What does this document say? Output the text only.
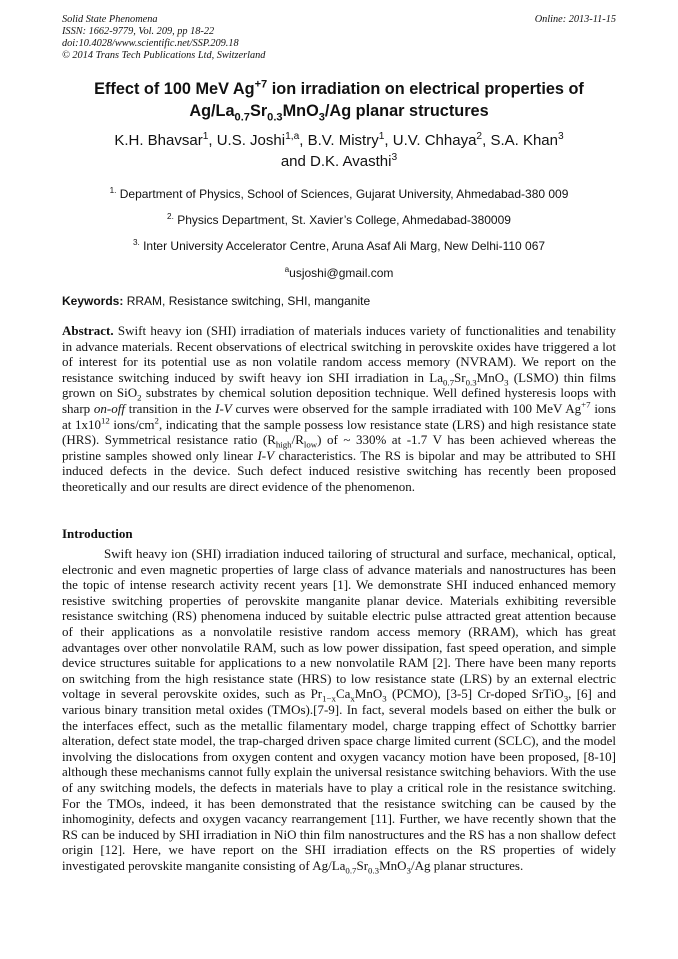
Solid State Phenomena
ISSN: 1662-9779, Vol. 209, pp 18-22
doi:10.4028/www.scientific.net/SSP.209.18
© 2014 Trans Tech Publications Ltd, Switzerland
Online: 2013-11-15
Effect of 100 MeV $Ag^{+7}$ ion irradiation on electrical properties of
$Ag/La_{0.7}Sr_{0.3}MnO_3/Ag$ planar structures
K.H. Bhavsar$^1$, U.S. Joshi$^{1,a}$, B.V. Mistry$^1$, U.V. Chhaya$^2$, S.A. Khan$^3$
and D.K. Avasthi$^3$
$^{1.}$ Department of Physics, School of Sciences, Gujarat University, Ahmedabad-380 009
$^{2.}$ Physics Department, St. Xavier’s College, Ahmedabad-380009
$^{3.}$ Inter University Accelerator Centre, Aruna Asaf Ali Marg, New Delhi-110 067
$^a$usjoshi@gmail.com
Keywords: RRAM, Resistance switching, SHI, manganite
Abstract. Swift heavy ion (SHI) irradiation of materials induces variety of functionalities and tenability in advance materials. Recent observations of electrical switching in perovskite oxides have triggered a lot of interest for its potential use as non volatile random access memory (NVRAM). We report on the resistance switching induced by swift heavy ion SHI irradiation in $La_{0.7}Sr_{0.3}MnO_3$ (LSMO) thin films grown on SiO$_2$ substrates by chemical solution deposition technique. Well defined hysteresis loops with sharp on-off transition in the I-V curves were observed for the sample irradiated with 100 MeV $Ag^{+7}$ ions at $1x10^{12}$ ions/$cm^2$, indicating that the sample possess low resistance state (LRS) and high resistance state (HRS). Symmetrical resistance ratio $(R_{high}/R_{low})$ of ~ 330% at -1.7 V has been achieved whereas the pristine samples showed only linear I-V characteristics. The RS is bipolar and may be attributed to SHI induced defects in the device. Such defect induced resistive switching has recently been proposed theoretically and our results are direct evidence of the phenomenon.
Introduction
Swift heavy ion (SHI) irradiation induced tailoring of structural and surface, mechanical, optical, electronic and even magnetic properties of large class of advance materials and nanostructures has been the topic of intense research activity recent years [1]. We demonstrate SHI induced enhanced memory resistive switching properties of perovskite manganite planar device. Materials exhibiting reversible resistance switching (RS) phenomena induced by suitable electric pulse attracted great attention because of their applications as a nonvolatile resistive random access memory (RRAM), which has great advantages over other nonvolatile RAM, such as low power dissipation, fast speed operation, and simple device structures suitable for applications to a new nonvolatile RAM [2]. There have been many reports on switching from the high resistance state (HRS) to low resistance state (LRS) by an external electric voltage in several perovskite oxides, such as $Pr_{1-x}Ca_xMnO_3$ (PCMO), [3-5] Cr-doped SrTiO$_3$, [6] and various binary transition metal oxides (TMOs).[7-9]. In fact, several models based on either the bulk or the interfaces effect, such as the metallic filamentary model, charge trapping effect of Schottky barrier alteration, defect state model, the trap-charged driven space charge limited current (SCLC), and the model involving the dislocations from oxygen content and oxygen vacancy motion have been proposed, [8-10] although these mechanisms cannot fully explain the universal resistance switching behaviors. With the use of any switching models, the defects in materials have to play a critical role in the resistance switching. For the TMOs, indeed, it has been demonstrated that the resistance switching can be caused by the inhomoginity, defects and oxygen vacancy rearrangement [11]. Further, we have recently shown that the RS can be induced by SHI irradiation in NiO thin film nanostructures and the RS has a non shallow defect origin [12]. Here, we have report on the SHI irradiation effects on the RS properties of widely investigated perovskite manganite consisting of $Ag/La_{0.7}Sr_{0.3}MnO_3/Ag$ planar structures.
